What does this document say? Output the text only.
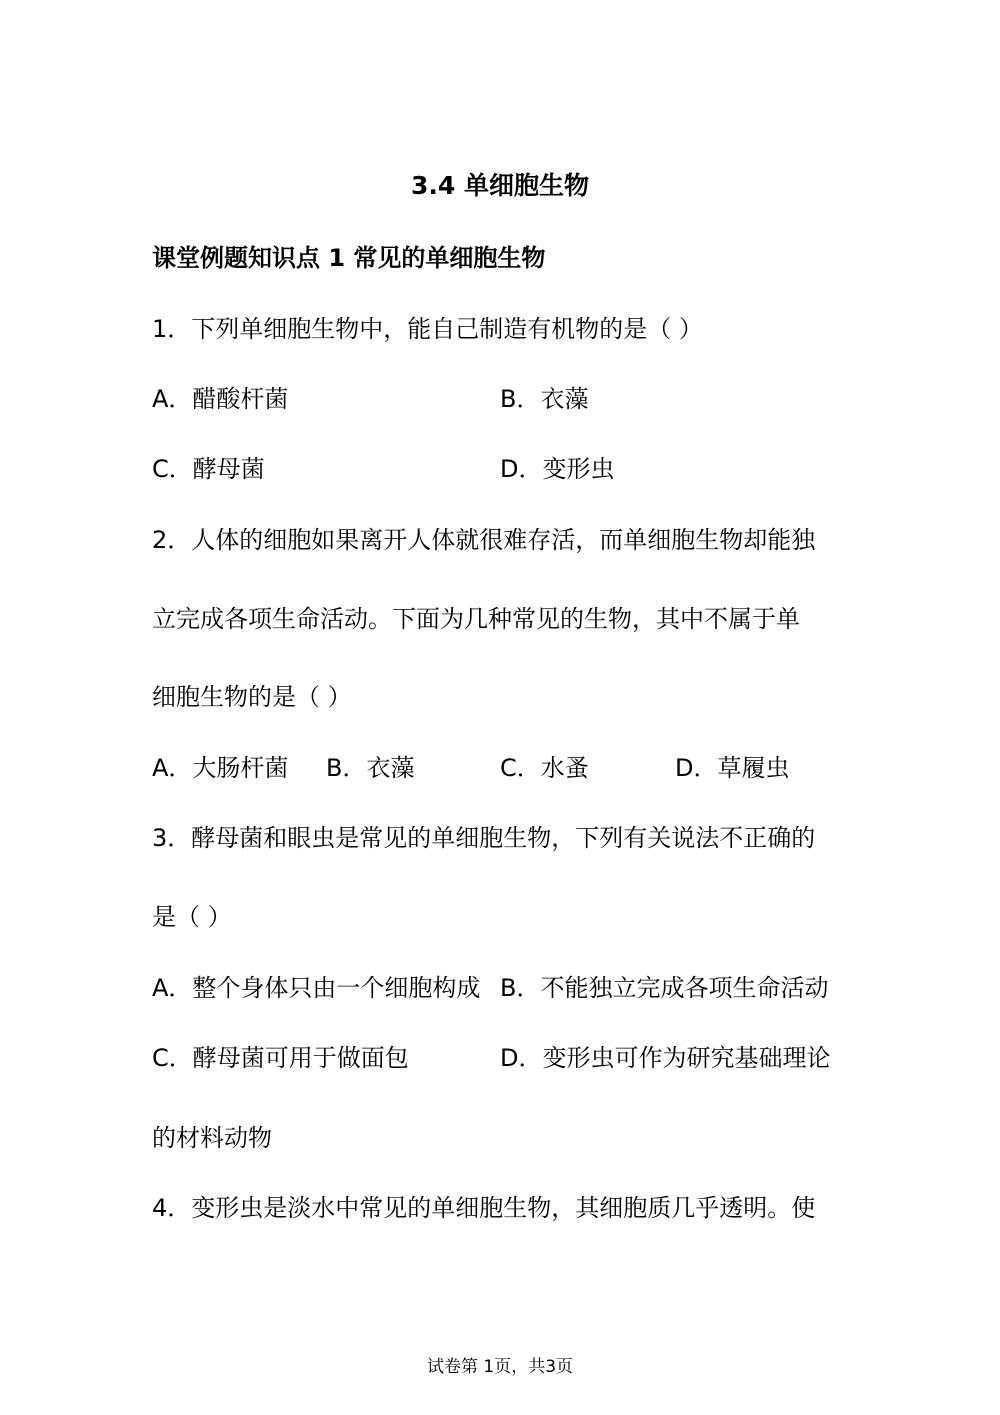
3.4 单细胞生物
课堂例题知识点 1 常见的单细胞生物
1．下列单细胞生物中，能自己制造有机物的是（ ）
A．醋酸杆菌	B．衣藻
C．酵母菌	D．变形虫
2．人体的细胞如果离开人体就很难存活，而单细胞生物却能独
立完成各项生命活动。下面为几种常见的生物，其中不属于单
细胞生物的是（ ）
A．大肠杆菌 B．衣藻	C．水蚤	D．草履虫
3．酵母菌和眼虫是常见的单细胞生物，下列有关说法不正确的
是（ ）
A．整个身体只由一个细胞构成 B．不能独立完成各项生命活动
C．酵母菌可用于做面包	D．变形虫可作为研究基础理论
的材料动物
4．变形虫是淡水中常见的单细胞生物，其细胞质几乎透明。使
试卷第 1页，共3页
